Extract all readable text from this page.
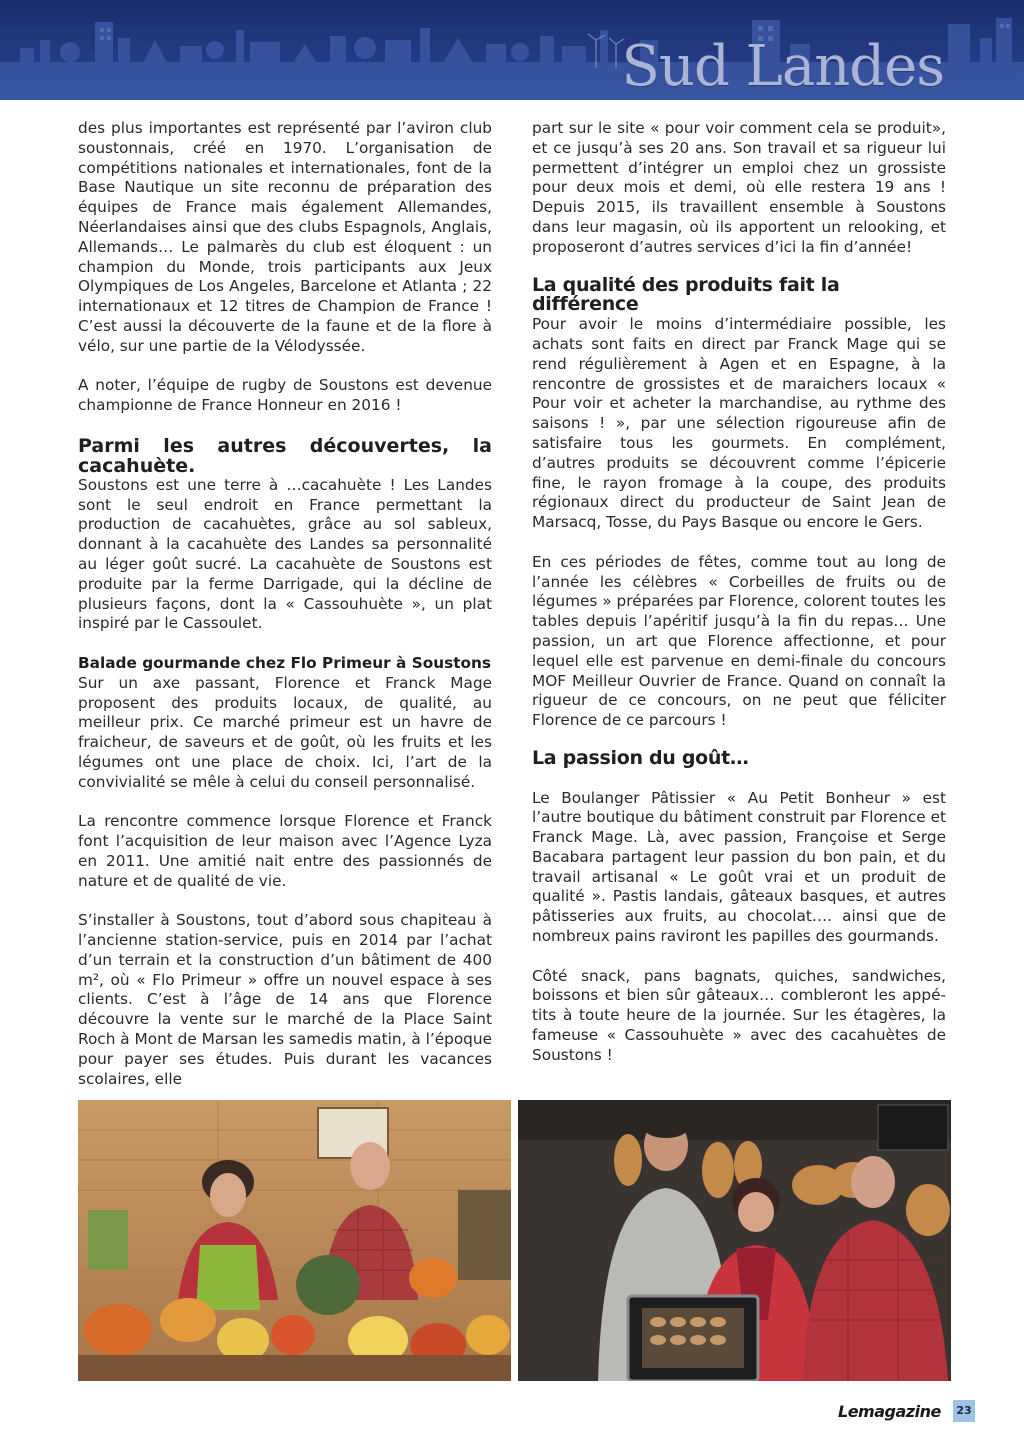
Sud Landes

des plus importantes est représenté par l’aviron club soustonnais, créé en 1970. L’organisation de compétitions nationales et internationales, font de la Base Nautique un site reconnu de préparation des équipes de France mais également Allemandes, Néerlandaises ainsi que des clubs Espagnols, Anglais, Allemands… Le palmarès du club est éloquent : un champion du Monde, trois participants aux Jeux Olympiques de Los Angeles, Barcelone et Atlanta ; 22 internationaux et 12 titres de Champion de France ! C’est aussi la découverte de la faune et de la flore à vélo, sur une partie de la Vélodyssée.

A noter, l’équipe de rugby de Soustons est devenue championne de France Honneur en 2016 !

Parmi les autres découvertes, la cacahuète.

Soustons est une terre à …cacahuète ! Les Landes sont le seul endroit en France permettant la production de cacahuètes, grâce au sol sableux, donnant à la cacahuète des Landes sa personnalité au léger goût sucré. La cacahuète de Soustons est produite par la ferme Darrigade, qui la décline de plusieurs façons, dont la « Cassouhuète », un plat inspiré par le Cassoulet.

Balade gourmande chez Flo Primeur à Soustons

Sur un axe passant, Florence et Franck Mage proposent des produits locaux, de qualité, au meilleur prix. Ce marché primeur est un havre de fraicheur, de saveurs et de goût, où les fruits et les légumes ont une place de choix. Ici, l’art de la convivialité se mêle à celui du conseil personnalisé.

La rencontre commence lorsque Florence et Franck font l’acquisition de leur maison avec l’Agence Lyza en 2011. Une amitié nait entre des passionnés de nature et de qualité de vie.

S’installer à Soustons, tout d’abord sous chapiteau à l’ancienne station-service, puis en 2014 par l’achat d’un terrain et la construction d’un bâtiment de 400 m², où « Flo Primeur » offre un nouvel espace à ses clients. C’est à l’âge de 14 ans que Florence découvre la vente sur le marché de la Place Saint Roch à Mont de Marsan les samedis matin, à l’époque pour payer ses études. Puis durant les vacances scolaires, elle

part sur le site « pour voir comment cela se produit», et ce jusqu’à ses 20 ans. Son travail et sa rigueur lui permettent d’intégrer un emploi chez un grossiste pour deux mois et demi, où elle restera 19 ans ! Depuis 2015, ils travaillent ensemble à Soustons dans leur magasin, où ils apportent un relooking, et proposeront d’autres services d’ici la fin d’année!

La qualité des produits fait la différence

Pour avoir le moins d’intermédiaire possible, les achats sont faits en direct par Franck Mage qui se rend régulièrement à Agen et en Espagne, à la rencontre de grossistes et de maraichers locaux « Pour voir et acheter la marchandise, au rythme des saisons ! », par une sélection rigoureuse afin de satisfaire tous les gourmets. En complément, d’autres produits se découvrent comme l’épicerie fine, le rayon fromage à la coupe, des produits régionaux direct du producteur de Saint Jean de Marsacq, Tosse, du Pays Basque ou encore le Gers.

En ces périodes de fêtes, comme tout au long de l’année les célèbres « Corbeilles de fruits ou de légumes » préparées par Florence, colorent toutes les tables depuis l’apéritif jusqu’à la fin du repas… Une passion, un art que Florence affectionne, et pour lequel elle est parvenue en demi-finale du concours MOF Meilleur Ouvrier de France. Quand on connaît la rigueur de ce concours, on ne peut que féliciter Florence de ce parcours !

La passion du goût…

Le Boulanger Pâtissier « Au Petit Bonheur » est l’autre boutique du bâtiment construit par Florence et Franck Mage. Là, avec passion, Françoise et Serge Bacabara partagent leur passion du bon pain, et du travail artisanal « Le goût vrai et un produit de qualité ». Pastis landais, gâteaux basques, et autres pâtisseries aux fruits, au chocolat…. ainsi que de nombreux pains raviront les papilles des gourmands.

Côté snack, pans bagnats, quiches, sandwiches, boissons et bien sûr gâteaux… combleront les appé-tits à toute heure de la journée. Sur les étagères, la fameuse « Cassouhuète » avec des cacahuètes de Soustons !

Lemagazine	23
